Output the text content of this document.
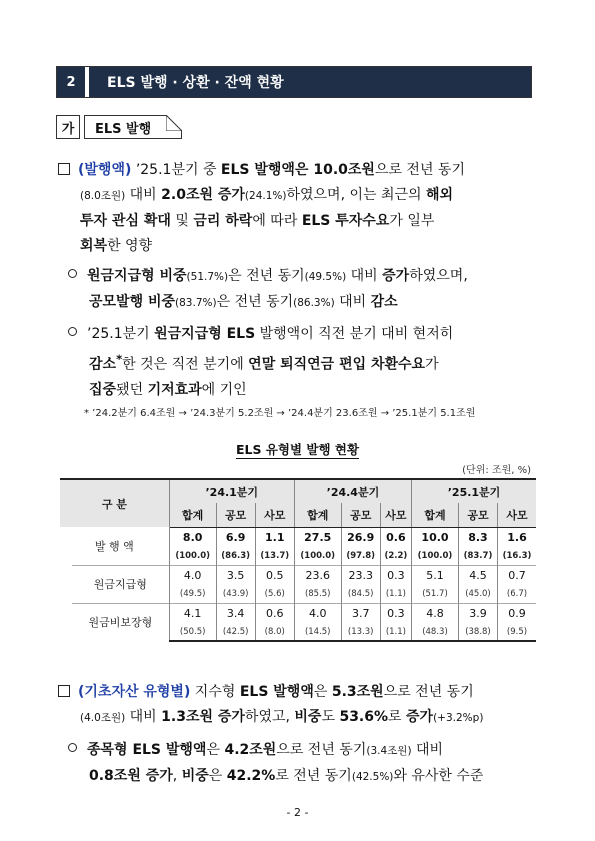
2	ELS 발행 · 상환 · 잔액 현황
가	ELS 발행
(발행액) ’25.1분기 중 ELS 발행액은 10.0조원으로 전년 동기
(8.0조원) 대비 2.0조원 증가(24.1%)하였으며, 이는 최근의 해외
투자 관심 확대 및 금리 하락에 따라 ELS 투자수요가 일부
회복한 영향
원금지급형 비중(51.7%)은 전년 동기(49.5%) 대비 증가하였으며,
공모발행 비중(83.7%)은 전년 동기(86.3%) 대비 감소
’25.1분기 원금지급형 ELS 발행액이 직전 분기 대비 현저히
감소*한 것은 직전 분기에 연말 퇴직연금 편입 차환수요가
집중됐던 기저효과에 기인
* ’24.2분기 6.4조원 → ’24.3분기 5.2조원 → ’24.4분기 23.6조원 → ’25.1분기 5.1조원
ELS 유형별 발행 현황
(단위: 조원, %)
구 분		’24.1분기			’24.4분기			’25.1분기		
		합계	공모	사모	합계	공모	사모	합계	공모	사모
발 행 액		8.0	6.9	1.1	27.5	26.9	0.6	10.0	8.3	1.6
		(100.0)	(86.3)	(13.7)	(100.0)	(97.8)	(2.2)	(100.0)	(83.7)	(16.3)
	원금지급형	4.0	3.5	0.5	23.6	23.3	0.3	5.1	4.5	0.7
		(49.5)	(43.9)	(5.6)	(85.5)	(84.5)	(1.1)	(51.7)	(45.0)	(6.7)
	원금비보장형	4.1	3.4	0.6	4.0	3.7	0.3	4.8	3.9	0.9
		(50.5)	(42.5)	(8.0)	(14.5)	(13.3)	(1.1)	(48.3)	(38.8)	(9.5)
(기초자산 유형별) 지수형 ELS 발행액은 5.3조원으로 전년 동기
(4.0조원) 대비 1.3조원 증가하였고, 비중도 53.6%로 증가(+3.2%p)
종목형 ELS 발행액은 4.2조원으로 전년 동기(3.4조원) 대비
0.8조원 증가, 비중은 42.2%로 전년 동기(42.5%)와 유사한 수준
- 2 -
